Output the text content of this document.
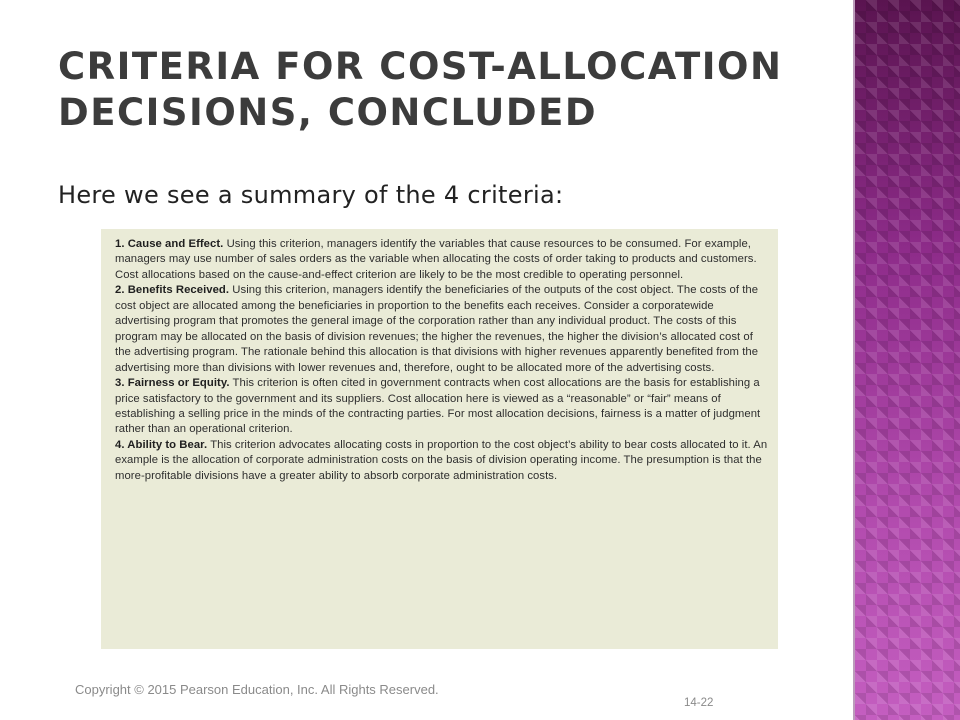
CRITERIA FOR COST-ALLOCATION DECISIONS, CONCLUDED

Here we see a summary of the 4 criteria:

1. Cause and Effect. Using this criterion, managers identify the variables that cause resources to be consumed. For example, managers may use number of sales orders as the variable when allocating the costs of order taking to products and customers. Cost allocations based on the cause-and-effect criterion are likely to be the most credible to operating personnel.

2. Benefits Received. Using this criterion, managers identify the beneficiaries of the outputs of the cost object. The costs of the cost object are allocated among the beneficiaries in proportion to the benefits each receives. Consider a corporatewide advertising program that promotes the general image of the corporation rather than any individual product. The costs of this program may be allocated on the basis of division revenues; the higher the revenues, the higher the division’s allocated cost of the advertising program. The rationale behind this allocation is that divisions with higher revenues apparently benefited from the advertising more than divisions with lower revenues and, therefore, ought to be allocated more of the advertising costs.

3. Fairness or Equity. This criterion is often cited in government contracts when cost allocations are the basis for establishing a price satisfactory to the government and its suppliers. Cost allocation here is viewed as a “reasonable” or “fair” means of establishing a selling price in the minds of the contracting parties. For most allocation decisions, fairness is a matter of judgment rather than an operational criterion.

4. Ability to Bear. This criterion advocates allocating costs in proportion to the cost object’s ability to bear costs allocated to it. An example is the allocation of corporate administration costs on the basis of division operating income. The presumption is that the more-profitable divisions have a greater ability to absorb corporate administration costs.

Copyright © 2015 Pearson Education, Inc. All Rights Reserved.
14-22
